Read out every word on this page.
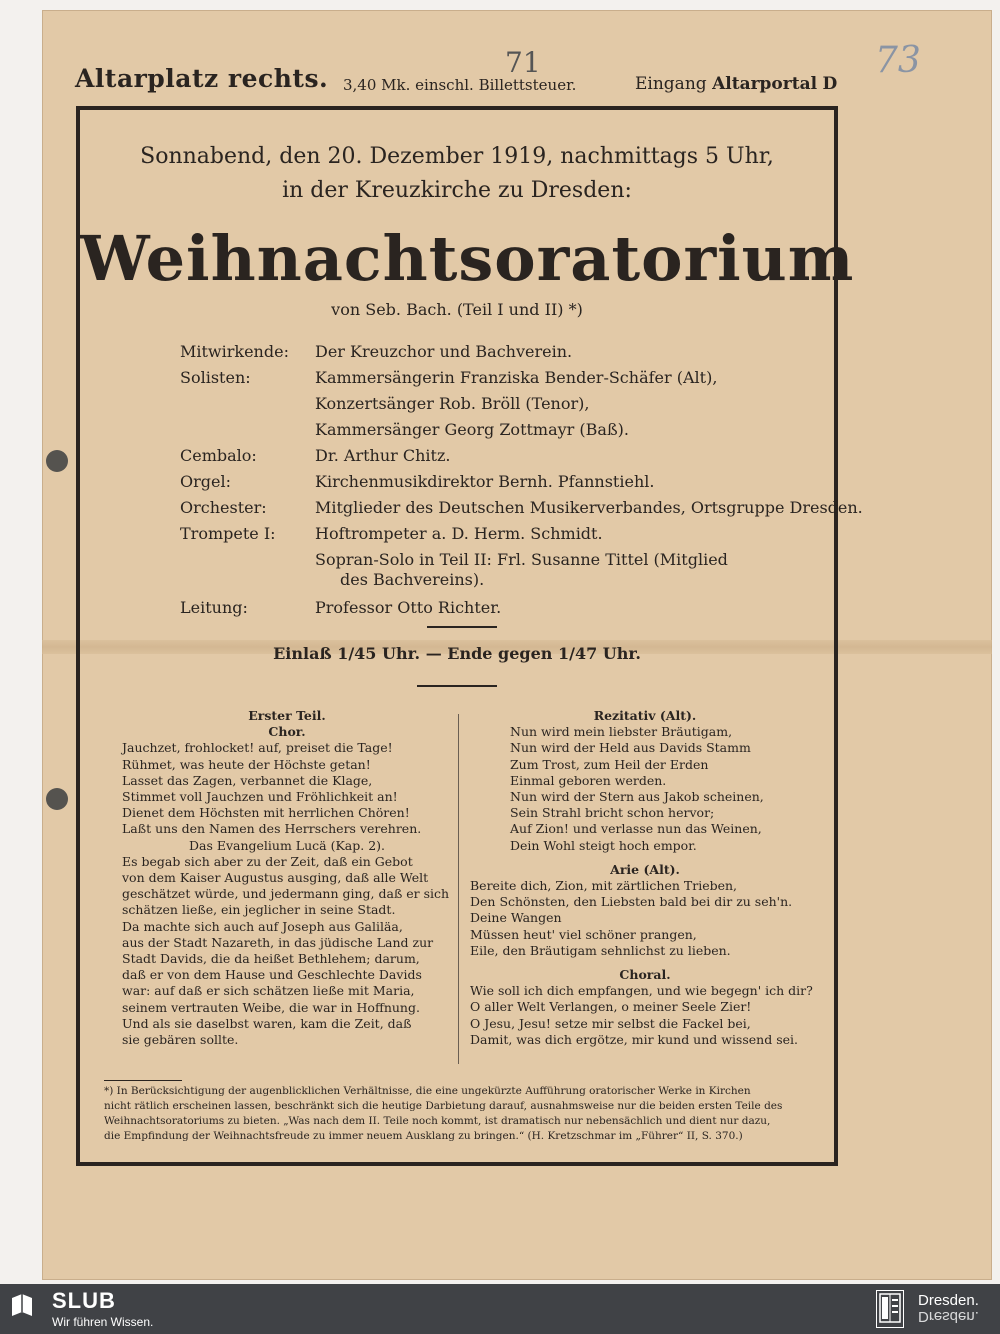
73
Altarplatz rechts.	71
3,40 Mk. einschl. Billettsteuer.	Eingang Altarportal D
Sonnabend, den 20. Dezember 1919, nachmittags 5 Uhr,
in der Kreuzkirche zu Dresden:
Weihnachtsoratorium
von Seb. Bach. (Teil I und II) *)
Mitwirkende:	Der Kreuzchor und Bachverein.
Solisten:	Kammersängerin Franziska Bender-Schäfer (Alt),
Konzertsänger Rob. Bröll (Tenor),
Kammersänger Georg Zottmayr (Baß).
Cembalo:	Dr. Arthur Chitz.
Orgel:	Kirchenmusikdirektor Bernh. Pfannstiehl.
Orchester:	Mitglieder des Deutschen Musikerverbandes, Ortsgruppe Dresden.
Trompete I:	Hoftrompeter a. D. Herm. Schmidt.
Sopran-Solo in Teil II: Frl. Susanne Tittel (Mitglied
des Bachvereins).
Leitung:	Professor Otto Richter.
Einlaß 1/45 Uhr. — Ende gegen 1/47 Uhr.
Erster Teil.
Chor.
Jauchzet, frohlocket! auf, preiset die Tage!
Rühmet, was heute der Höchste getan!
Lasset das Zagen, verbannet die Klage,
Stimmet voll Jauchzen und Fröhlichkeit an!
Dienet dem Höchsten mit herrlichen Chören!
Laßt uns den Namen des Herrschers verehren.
Das Evangelium Lucä (Kap. 2).
Es begab sich aber zu der Zeit, daß ein Gebot
von dem Kaiser Augustus ausging, daß alle Welt
geschätzet würde, und jedermann ging, daß er sich
schätzen ließe, ein jeglicher in seine Stadt.
Da machte sich auch auf Joseph aus Galiläa,
aus der Stadt Nazareth, in das jüdische Land zur
Stadt Davids, die da heißet Bethlehem; darum,
daß er von dem Hause und Geschlechte Davids
war: auf daß er sich schätzen ließe mit Maria,
seinem vertrauten Weibe, die war in Hoffnung.
Und als sie daselbst waren, kam die Zeit, daß
sie gebären sollte.
Rezitativ (Alt).
Nun wird mein liebster Bräutigam,
Nun wird der Held aus Davids Stamm
Zum Trost, zum Heil der Erden
Einmal geboren werden.
Nun wird der Stern aus Jakob scheinen,
Sein Strahl bricht schon hervor;
Auf Zion! und verlasse nun das Weinen,
Dein Wohl steigt hoch empor.
Arie (Alt).
Bereite dich, Zion, mit zärtlichen Trieben,
Den Schönsten, den Liebsten bald bei dir zu seh'n.
Deine Wangen
Müssen heut' viel schöner prangen,
Eile, den Bräutigam sehnlichst zu lieben.
Choral.
Wie soll ich dich empfangen, und wie begegn' ich dir?
O aller Welt Verlangen, o meiner Seele Zier!
O Jesu, Jesu! setze mir selbst die Fackel bei,
Damit, was dich ergötze, mir kund und wissend sei.
*) In Berücksichtigung der augenblicklichen Verhältnisse, die eine ungekürzte Aufführung oratorischer Werke in Kirchen
nicht rätlich erscheinen lassen, beschränkt sich die heutige Darbietung darauf, ausnahmsweise nur die beiden ersten Teile des
Weihnachtsoratoriums zu bieten. „Was nach dem II. Teile noch kommt, ist dramatisch nur nebensächlich und dient nur dazu,
die Empfindung der Weihnachtsfreude zu immer neuem Ausklang zu bringen.“ (H. Kretzschmar im „Führer“ II, S. 370.)
SLUB
Wir führen Wissen.
Dresden.
Dresden.
